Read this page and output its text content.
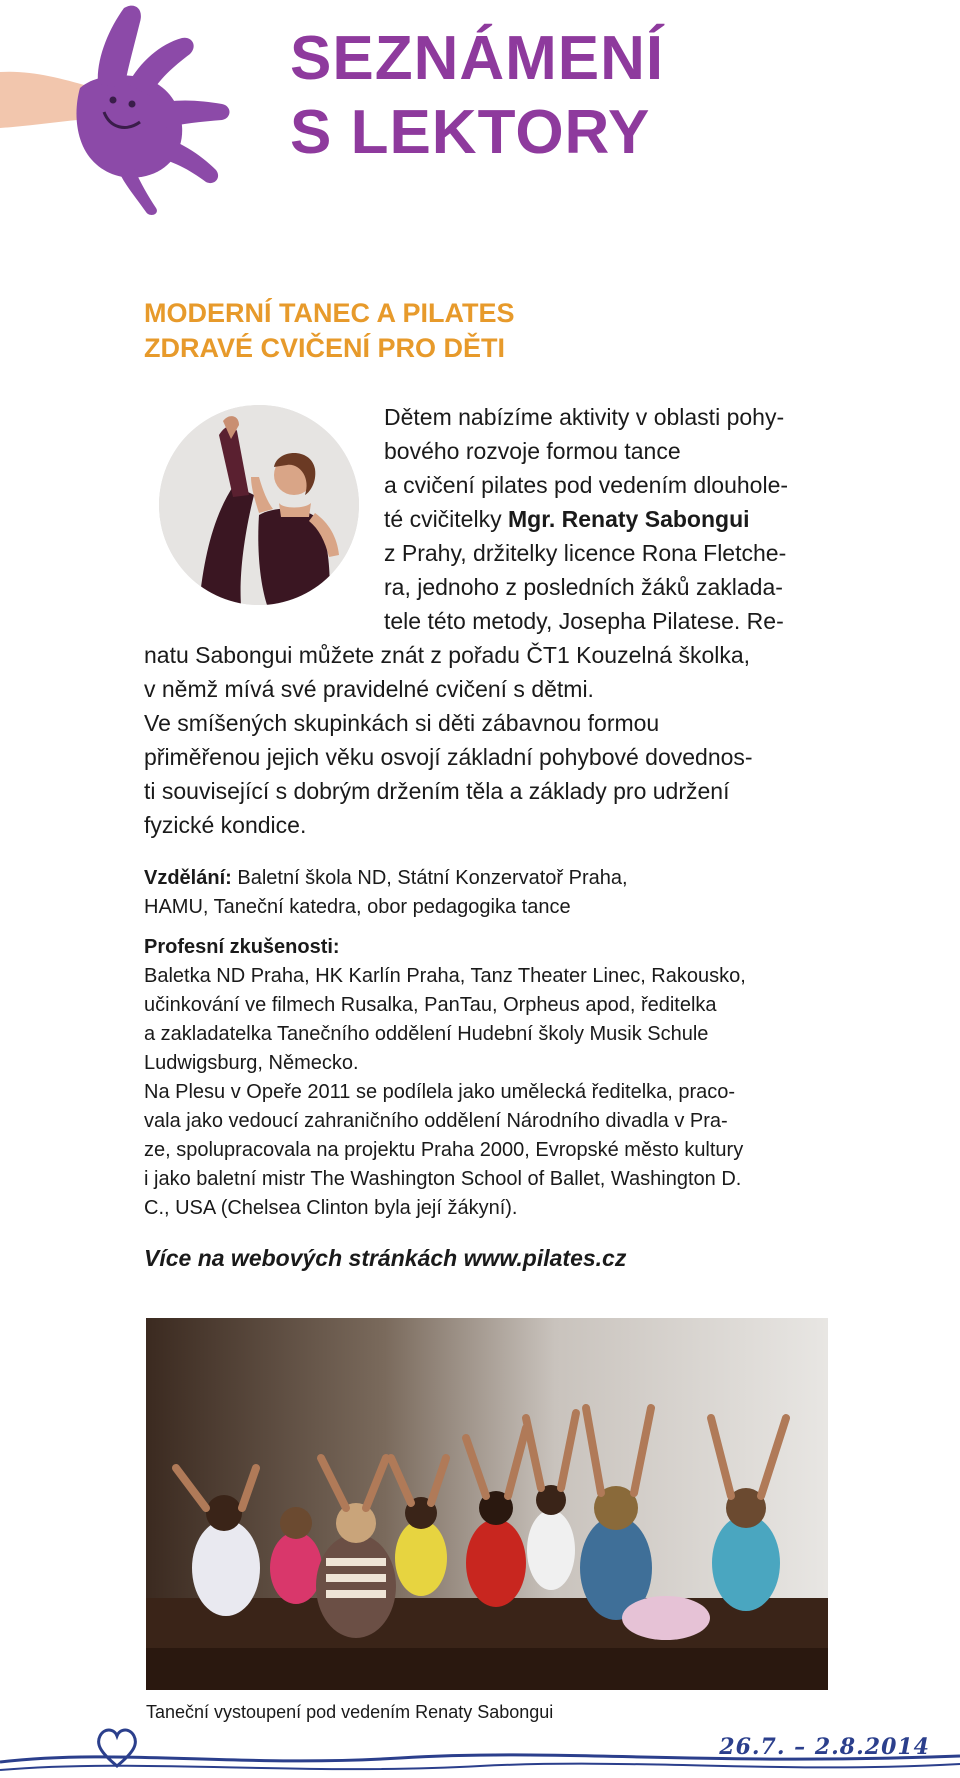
SEZNÁMENÍ
S LEKTORY
MODERNÍ TANEC A PILATES
ZDRAVÉ CVIČENÍ PRO DĚTI

Dětem nabízíme aktivity v oblasti pohy-

bového rozvoje formou tance

a cvičení pilates pod vedením dlouhole-

té cvičitelky Mgr. Renaty Sabongui

z Prahy, držitelky licence Rona Fletche-

ra, jednoho z posledních žáků zaklada-

tele této metody, Josepha Pilatese. Re-

natu Sabongui můžete znát z pořadu ČT1 Kouzelná školka,

v němž mívá své pravidelné cvičení s dětmi.

Ve smíšených skupinkách si děti zábavnou formou

přiměřenou jejich věku osvojí základní pohybové dovednos-

ti související s dobrým držením těla a základy pro udržení

fyzické kondice.

Vzdělání: Baletní škola ND, Státní Konzervatoř Praha,

HAMU, Taneční katedra, obor pedagogika tance

Profesní zkušenosti:

Baletka ND Praha, HK Karlín Praha, Tanz Theater Linec, Rakousko,

učinkování ve filmech Rusalka, PanTau, Orpheus apod, ředitelka

a zakladatelka Tanečního oddělení Hudební školy Musik Schule

Ludwigsburg, Německo.

Na Plesu v Opeře 2011 se podílela jako umělecká ředitelka, praco-

vala jako vedoucí zahraničního oddělení Národního divadla v Pra-

ze, spolupracovala na projektu Praha 2000, Evropské město kultury

i jako baletní mistr The Washington School of Ballet, Washington D.

C., USA (Chelsea Clinton byla její žákyní).

Více na webových stránkách www.pilates.cz

Taneční vystoupení pod vedením Renaty Sabongui

26.7. – 2.8.2014
